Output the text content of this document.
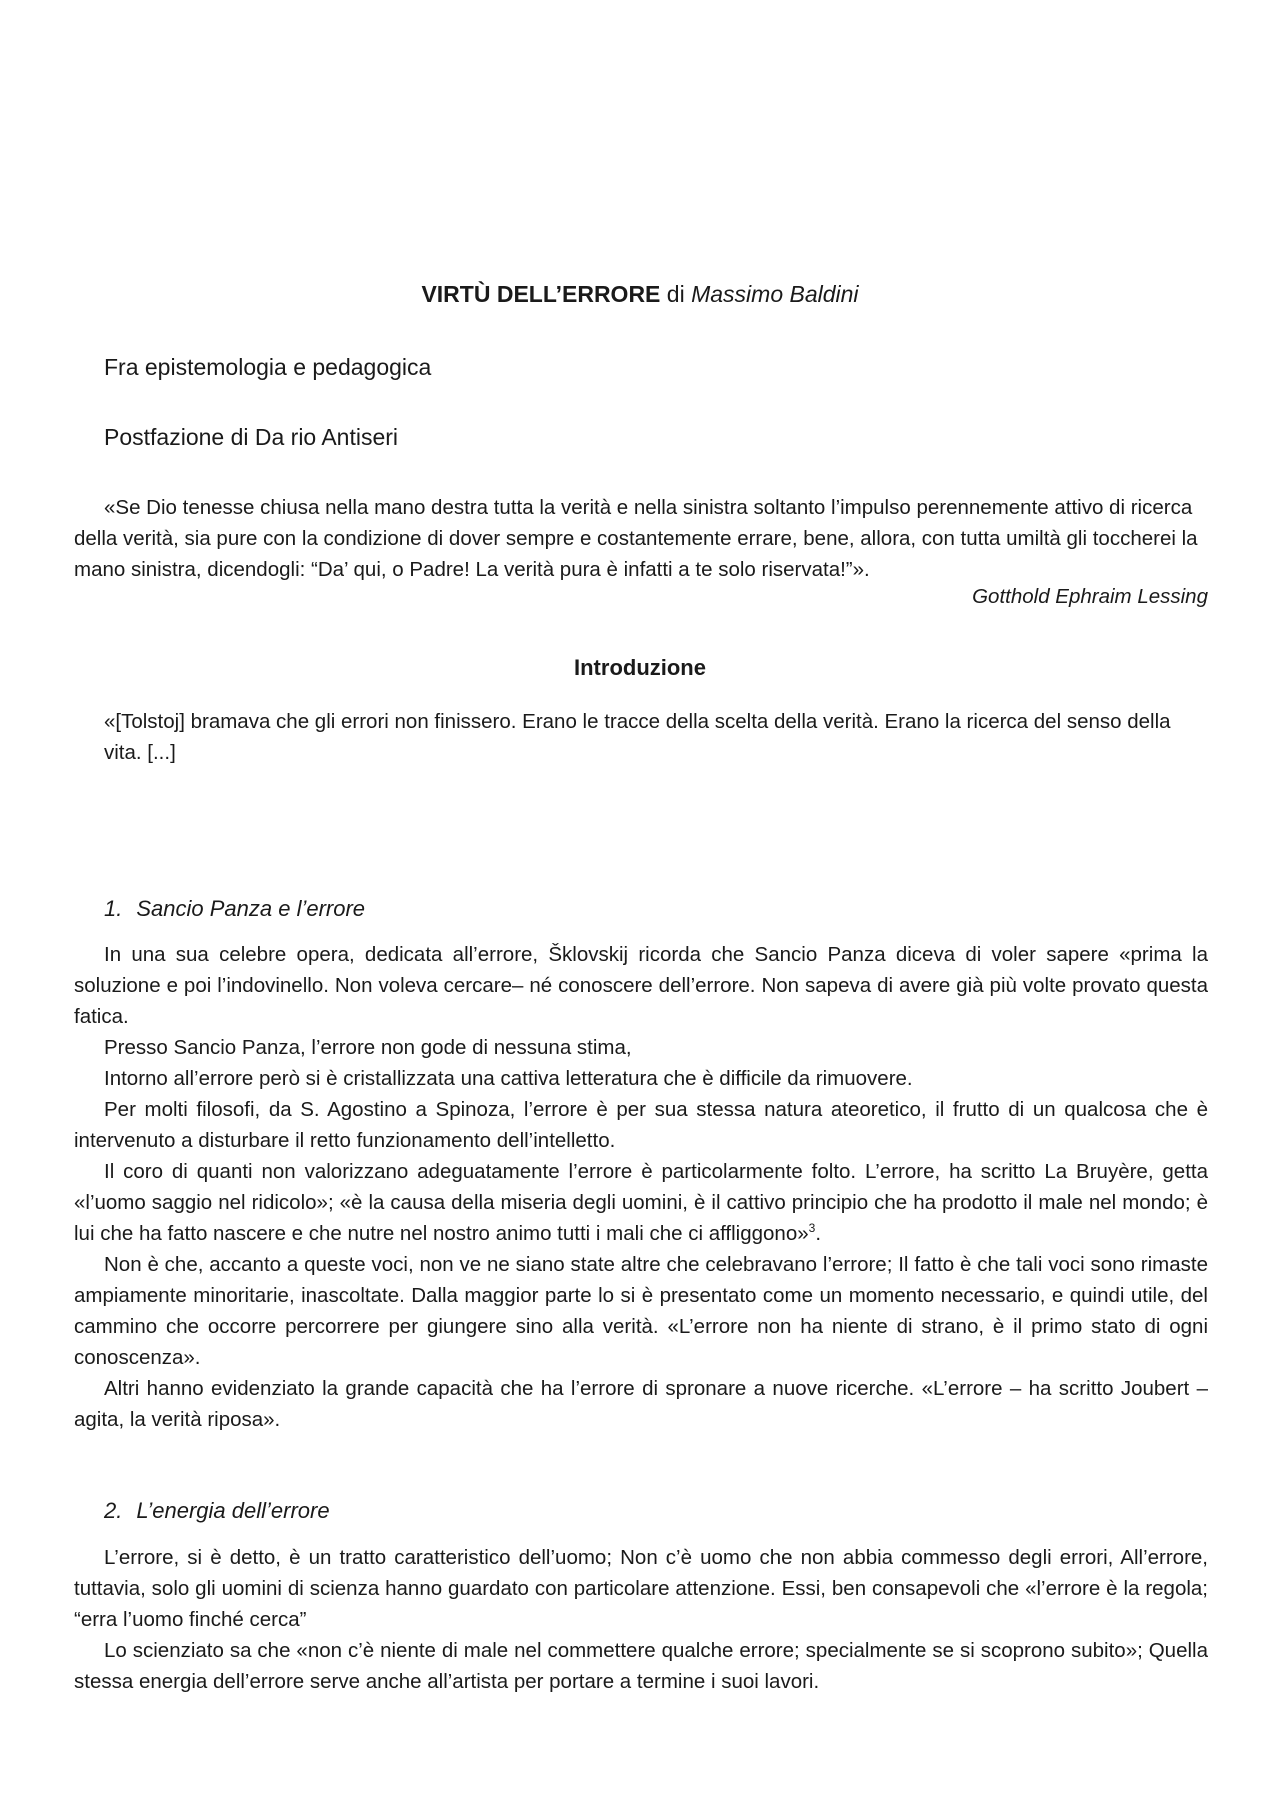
VIRTÙ DELL’ERRORE di Massimo Baldini
Fra epistemologia e pedagogica
Postfazione di Da rio Antiseri

«Se Dio tenesse chiusa nella mano destra tutta la verità e nella sinistra soltanto l’impulso perennemente attivo di ricerca della verità, sia pure con la condizione di dover sempre e costantemente errare, bene, allora, con tutta umiltà gli toccherei la mano sinistra, dicendogli: “Da’ qui, o Padre! La verità pura è infatti a te solo riservata!”».

Gotthold Ephraim Lessing
Introduzione
«[Tolstoj] bramava che gli errori non finissero. Erano le tracce della scelta della verità. Erano la ricerca del senso della vita. [...]
1. Sancio Panza e l’errore

In una sua celebre opera, dedicata all’errore, Šklovskij ricorda che Sancio Panza diceva di voler sapere «prima la soluzione e poi l’indovinello. Non voleva cercare– né conoscere dell’errore. Non sapeva di avere già più volte provato questa fatica.

Presso Sancio Panza, l’errore non gode di nessuna stima,

Intorno all’errore però si è cristallizzata una cattiva letteratura che è difficile da rimuovere.

Per molti filosofi, da S. Agostino a Spinoza, l’errore è per sua stessa natura ateoretico, il frutto di un qualcosa che è intervenuto a disturbare il retto funzionamento dell’intelletto.

Il coro di quanti non valorizzano adeguatamente l’errore è particolarmente folto. L’errore, ha scritto La Bruyère, getta «l’uomo saggio nel ridicolo»; «è la causa della miseria degli uomini, è il cattivo principio che ha prodotto il male nel mondo; è lui che ha fatto nascere e che nutre nel nostro animo tutti i mali che ci affliggono»$^3$.

Non è che, accanto a queste voci, non ve ne siano state altre che celebravano l’errore; Il fatto è che tali voci sono rimaste ampiamente minoritarie, inascoltate. Dalla maggior parte lo si è presentato come un momento necessario, e quindi utile, del cammino che occorre percorrere per giungere sino alla verità. «L’errore non ha niente di strano, è il primo stato di ogni conoscenza».

Altri hanno evidenziato la grande capacità che ha l’errore di spronare a nuove ricerche. «L’errore – ha scritto Joubert – agita, la verità riposa».

2. L’energia dell’errore

L’errore, si è detto, è un tratto caratteristico dell’uomo; Non c’è uomo che non abbia commesso degli errori, All’errore, tuttavia, solo gli uomini di scienza hanno guardato con particolare attenzione. Essi, ben consapevoli che «l’errore è la regola; “erra l’uomo finché cerca”

Lo scienziato sa che «non c’è niente di male nel commettere qualche errore; specialmente se si scoprono subito»; Quella stessa energia dell’errore serve anche all’artista per portare a termine i suoi lavori.
